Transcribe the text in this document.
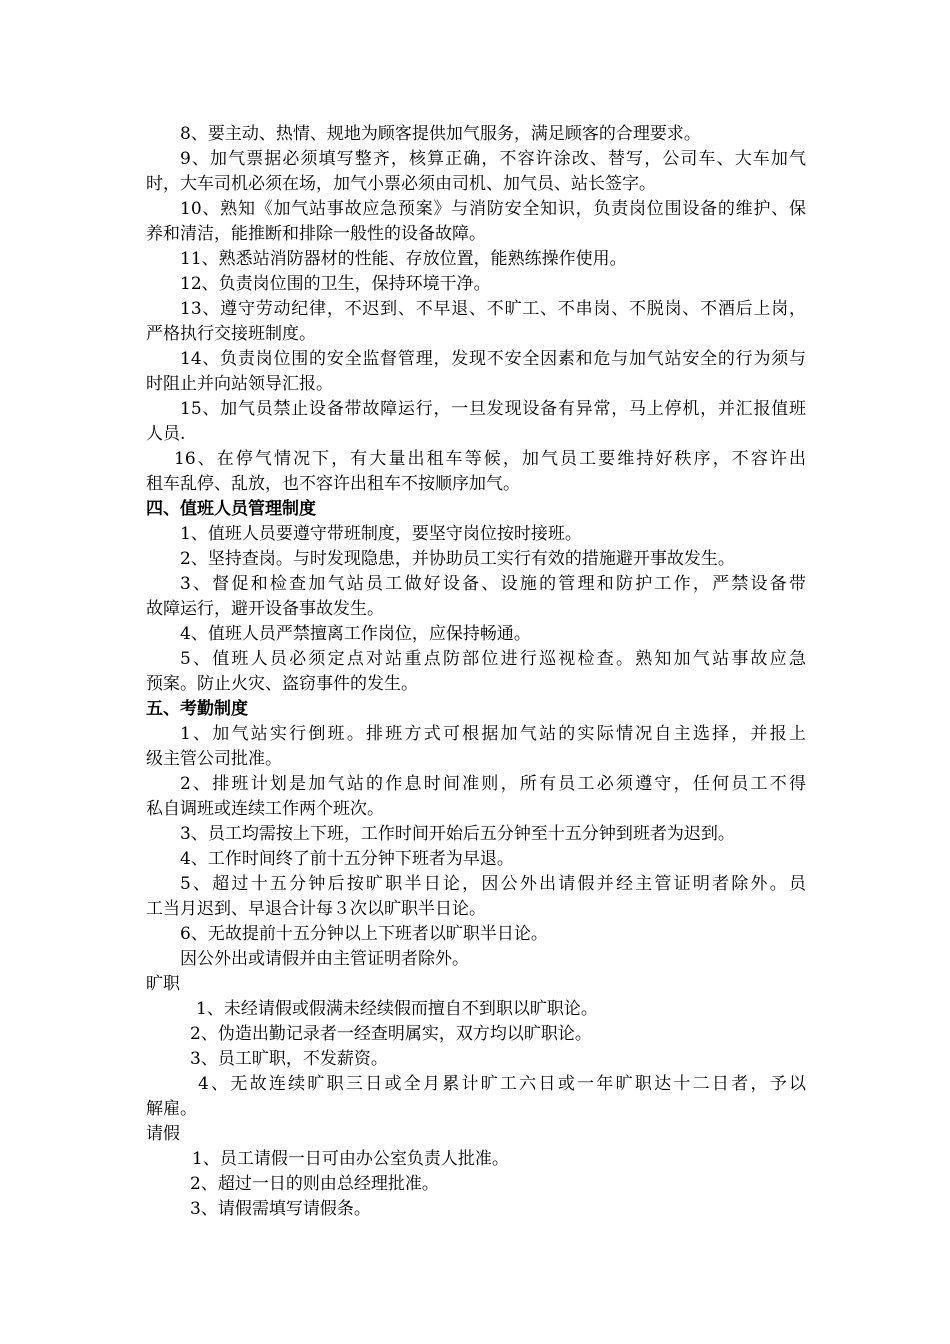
8、要主动、热情、规地为顾客提供加气服务，满足顾客的合理要求。

9、加气票据必须填写整齐，核算正确，不容许涂改、替写，公司车、大车加气

时，大车司机必须在场，加气小票必须由司机、加气员、站长签字。

10、熟知《加气站事故应急预案》与消防安全知识，负责岗位围设备的维护、保

养和清洁，能推断和排除一般性的设备故障。

11、熟悉站消防器材的性能、存放位置，能熟练操作使用。

12、负责岗位围的卫生，保持环境干净。

13、遵守劳动纪律，不迟到、不早退、不旷工、不串岗、不脱岗、不酒后上岗，

严格执行交接班制度。

14、负责岗位围的安全监督管理，发现不安全因素和危与加气站安全的行为须与

时阻止并向站领导汇报。

15、加气员禁止设备带故障运行，一旦发现设备有异常，马上停机，并汇报值班

人员.

16、在停气情况下，有大量出租车等候，加气员工要维持好秩序，不容许出

租车乱停、乱放，也不容许出租车不按顺序加气。

四、值班人员管理制度

1、值班人员要遵守带班制度，要坚守岗位按时接班。

2、坚持查岗。与时发现隐患，并协助员工实行有效的措施避开事故发生。

3、督促和检查加气站员工做好设备、设施的管理和防护工作，严禁设备带

故障运行，避开设备事故发生。

4、值班人员严禁擅离工作岗位，应保持畅通。

5、值班人员必须定点对站重点防部位进行巡视检查。熟知加气站事故应急

预案。防止火灾、盗窃事件的发生。

五、考勤制度

1、加气站实行倒班。排班方式可根据加气站的实际情况自主选择，并报上

级主管公司批准。

2、排班计划是加气站的作息时间准则，所有员工必须遵守，任何员工不得

私自调班或连续工作两个班次。

3、员工均需按上下班，工作时间开始后五分钟至十五分钟到班者为迟到。

4、工作时间终了前十五分钟下班者为早退。

5、超过十五分钟后按旷职半日论，因公外出请假并经主管证明者除外。员

工当月迟到、早退合计每３次以旷职半日论。

6、无故提前十五分钟以上下班者以旷职半日论。

因公外出或请假并由主管证明者除外。

旷职

1、未经请假或假满未经续假而擅自不到职以旷职论。

2、伪造出勤记录者一经查明属实，双方均以旷职论。

3、员工旷职，不发薪资。

4、无故连续旷职三日或全月累计旷工六日或一年旷职达十二日者，予以

解雇。

请假

1、员工请假一日可由办公室负责人批准。

2、超过一日的则由总经理批准。

3、请假需填写请假条。
